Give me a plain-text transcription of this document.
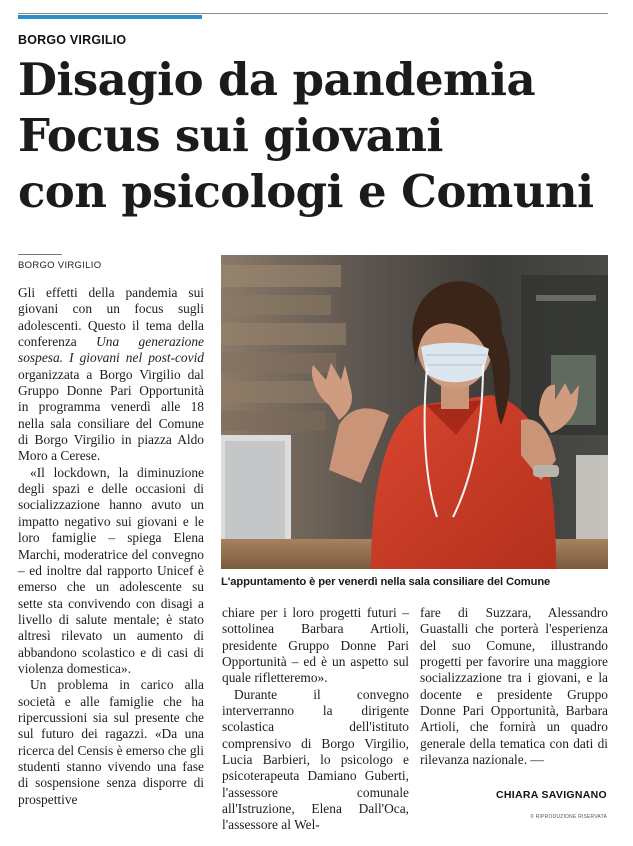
BORGO VIRGILIO
Disagio da pandemia
Focus sui giovani
con psicologi e Comuni
BORGO VIRGILIO

Gli effetti della pandemia sui giovani con un focus sugli adolescenti. Questo il tema della conferenza Una generazione sospesa. I giovani nel post-covid organizzata a Borgo Virgilio dal Gruppo Donne Pari Opportunità in programma venerdì alle 18 nella sala consiliare del Comune di Borgo Virgilio in piazza Aldo Moro a Cerese.

«Il lockdown, la diminuzione degli spazi e delle occasioni di socializzazione hanno avuto un impatto negativo sui giovani e le loro famiglie – spiega Elena Marchi, moderatrice del convegno – ed inoltre dal rapporto Unicef è emerso che un adolescente su sette sta convivendo con disagi a livello di salute mentale; è stato altresì rilevato un aumento di abbandono scolastico e di casi di violenza domestica».

Un problema in carico alla società e alle famiglie che ha ripercussioni sia sul presente che sul futuro dei ragazzi. «Da una ricerca del Censis è emerso che gli studenti stanno vivendo una fase di sospensione senza disporre di prospettive

L'appuntamento è per venerdì nella sala consiliare del Comune

chiare per i loro progetti futuri – sottolinea Barbara Artioli, presidente Gruppo Donne Pari Opportunità – ed è un aspetto sul quale rifletteremo».

Durante il convegno interverranno la dirigente scolastica dell'istituto comprensivo di Borgo Virgilio, Lucia Barbieri, lo psicologo e psicoterapeuta Damiano Guberti, l'assessore comunale all'Istruzione, Elena Dall'Oca, l'assessore al Wel-

fare di Suzzara, Alessandro Guastalli che porterà l'esperienza del suo Comune, illustrando progetti per favorire una maggiore socializzazione tra i giovani, e la docente e presidente Gruppo Donne Pari Opportunità, Barbara Artioli, che fornirà un quadro generale della tematica con dati di rilevanza nazionale. —

CHIARA SAVIGNANO
© RIPRODUZIONE RISERVATA
